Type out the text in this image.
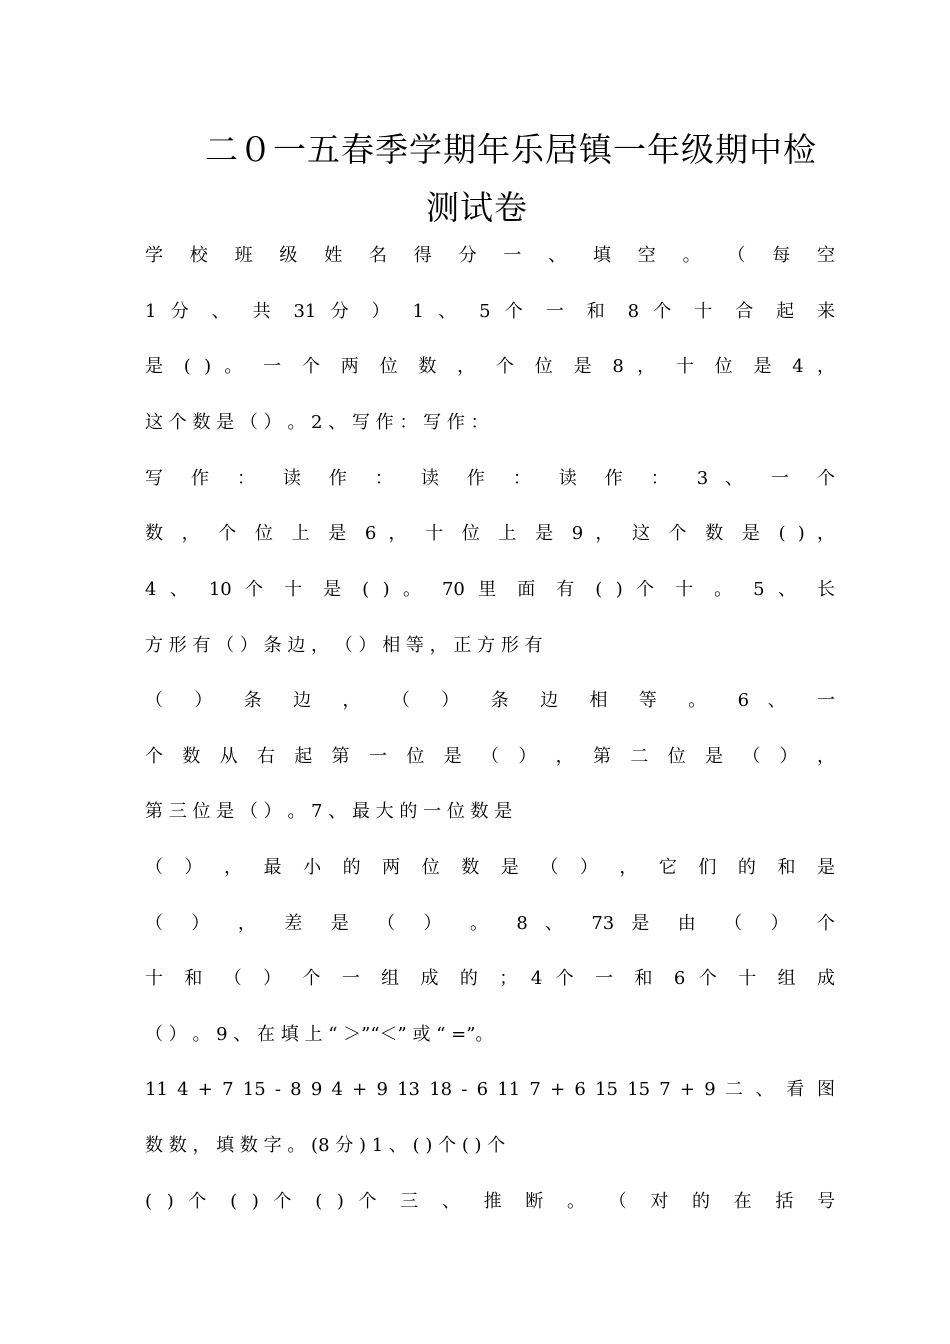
二０一五春季学期年乐居镇一年级期中检
测试卷
学 校 班 级 姓 名 得 分 一 、 填 空 。 （ 每 空
1 分 、 共 31 分 ） 1 、 5 个 一 和 8 个 十 合 起 来
是 ( ) 。 一 个 两 位 数 ， 个 位 是 8 ， 十 位 是 4 ，
这 个 数 是 （ ） 。 2 、 写 作 ： 写 作 ：
写 作 ： 读 作 ： 读 作 ： 读 作 ： 3 、 一 个
数 ， 个 位 上 是 6 ， 十 位 上 是 9 ， 这 个 数 是 ( ) ，
4 、 10 个 十 是 ( ) 。 70 里 面 有 ( ) 个 十 。 5 、 长
方 形 有 （ ） 条 边 ， （ ） 相 等 ， 正 方 形 有
（ ） 条 边 ， （ ） 条 边 相 等 。 6 、 一
个 数 从 右 起 第 一 位 是 （ ） ， 第 二 位 是 （ ） ，
第 三 位 是 （ ） 。 7 、 最 大 的 一 位 数 是
（ ） ， 最 小 的 两 位 数 是 （ ） ， 它 们 的 和 是
（ ） ， 差 是 （ ） 。 8 、 73 是 由 （ ） 个
十 和 （ ） 个 一 组 成 的 ； 4 个 一 和 6 个 十 组 成
（ ） 。 9 、 在 填 上 “ ＞”“＜” 或 “ =”。
11 4 + 7 15 - 8 9 4 + 9 13 18 - 6 11 7 + 6 15 15 7 + 9 二 、 看 图
数 数 ， 填 数 字 。 (8 分 ) 1 、 ( ) 个 ( ) 个
( ) 个 ( ) 个 ( ) 个 三 、 推 断 。 （ 对 的 在 括 号
